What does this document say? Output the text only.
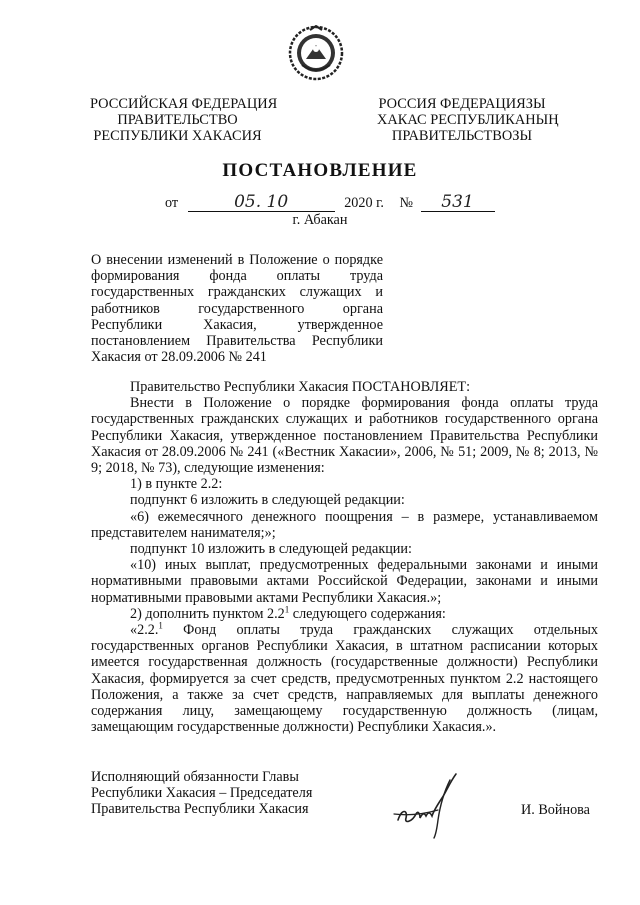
РОССИЙСКАЯ ФЕДЕРАЦИЯ
ПРАВИТЕЛЬСТВО
РЕСПУБЛИКИ ХАКАСИЯ
РОССИЯ ФЕДЕРАЦИЯЗЫ
ХАКАС РЕСПУБЛИКАНЫҢ
ПРАВИТЕЛЬСТВОЗЫ
ПОСТАНОВЛЕНИЕ
от	05. 10	2020 г. №	531
г. Абакан
О внесении изменений в Положение о порядке
формирования фонда оплаты труда
государственных гражданских служащих и
работников государственного органа
Республики Хакасия, утвержденное
постановлением Правительства Республики
Хакасия от 28.09.2006 № 241

Правительство Республики Хакасия ПОСТАНОВЛЯЕТ:

Внести в Положение о порядке формирования фонда оплаты труда государственных гражданских служащих и работников государственного органа Республики Хакасия, утвержденное постановлением Правительства Республики Хакасия от 28.09.2006 № 241 («Вестник Хакасии», 2006, № 51; 2009, № 8; 2013, № 9; 2018, № 73), следующие изменения:

1) в пункте 2.2:

подпункт 6 изложить в следующей редакции:

«6) ежемесячного денежного поощрения – в размере, устанавливаемом представителем нанимателя;»;

подпункт 10 изложить в следующей редакции:

«10) иных выплат, предусмотренных федеральными законами и иными нормативными правовыми актами Российской Федерации, законами и иными нормативными правовыми актами Республики Хакасия.»;

2) дополнить пунктом $2.2^1$ следующего содержания:

«2.2.$^1$ Фонд оплаты труда гражданских служащих отдельных государственных органов Республики Хакасия, в штатном расписании которых имеется государственная должность (государственные должности) Республики Хакасия, формируется за счет средств, предусмотренных пунктом 2.2 настоящего Положения, а также за счет средств, направляемых для выплаты денежного содержания лицу, замещающему государственную должность (лицам, замещающим государственные должности) Республики Хакасия.».

Исполняющий обязанности Главы
Республики Хакасия – Председателя
Правительства Республики Хакасия	И. Войнова
